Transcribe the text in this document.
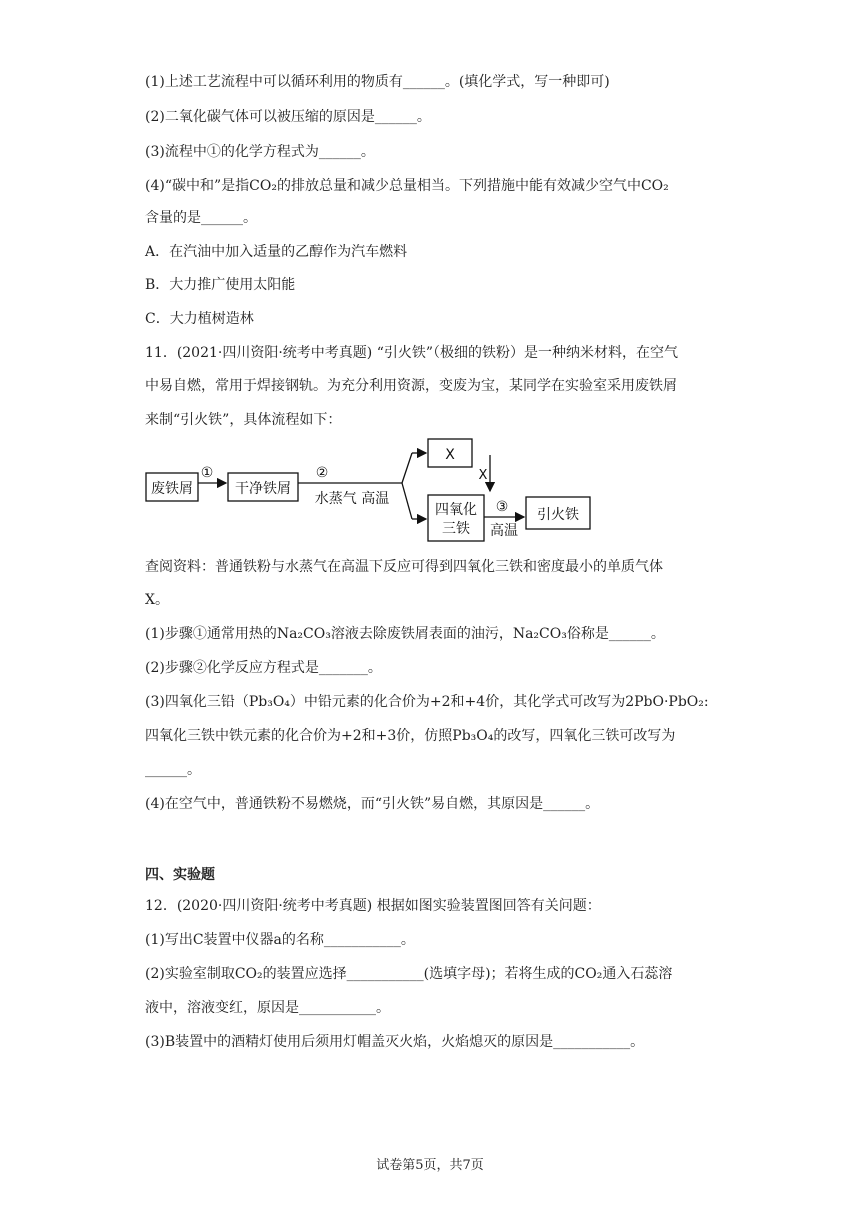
(1)上述工艺流程中可以循环利用的物质有______。(填化学式，写一种即可)
(2)二氧化碳气体可以被压缩的原因是______。
(3)流程中①的化学方程式为______。
(4)“碳中和”是指CO₂的排放总量和减少总量相当。下列措施中能有效减少空气中CO₂
含量的是______。
A．在汽油中加入适量的乙醇作为汽车燃料
B．大力推广使用太阳能
C．大力植树造林
11．(2021·四川资阳·统考中考真题) “引火铁”（极细的铁粉）是一种纳米材料，在空气
中易自燃，常用于焊接钢轨。为充分利用资源，变废为宝，某同学在实验室采用废铁屑
来制“引火铁”，具体流程如下：
废铁屑
①
干净铁屑
②
水蒸气 高温
X
X
四氧化
三铁
③
高温
引火铁
查阅资料：普通铁粉与水蒸气在高温下反应可得到四氧化三铁和密度最小的单质气体
X。
(1)步骤①通常用热的Na₂CO₃溶液去除废铁屑表面的油污，Na₂CO₃俗称是______。
(2)步骤②化学反应方程式是_______。
(3)四氧化三铅（Pb₃O₄）中铅元素的化合价为+2和+4价，其化学式可改写为2PbO·PbO₂:
四氧化三铁中铁元素的化合价为+2和+3价，仿照Pb₃O₄的改写，四氧化三铁可改写为
______。
(4)在空气中，普通铁粉不易燃烧，而“引火铁”易自燃，其原因是______。
四、实验题
12．(2020·四川资阳·统考中考真题) 根据如图实验装置图回答有关问题：
(1)写出C装置中仪器a的名称___________。
(2)实验室制取CO₂的装置应选择___________(选填字母)；若将生成的CO₂通入石蕊溶
液中，溶液变红，原因是___________。
(3)B装置中的酒精灯使用后须用灯帽盖灭火焰，火焰熄灭的原因是___________。
试卷第5页，共7页
